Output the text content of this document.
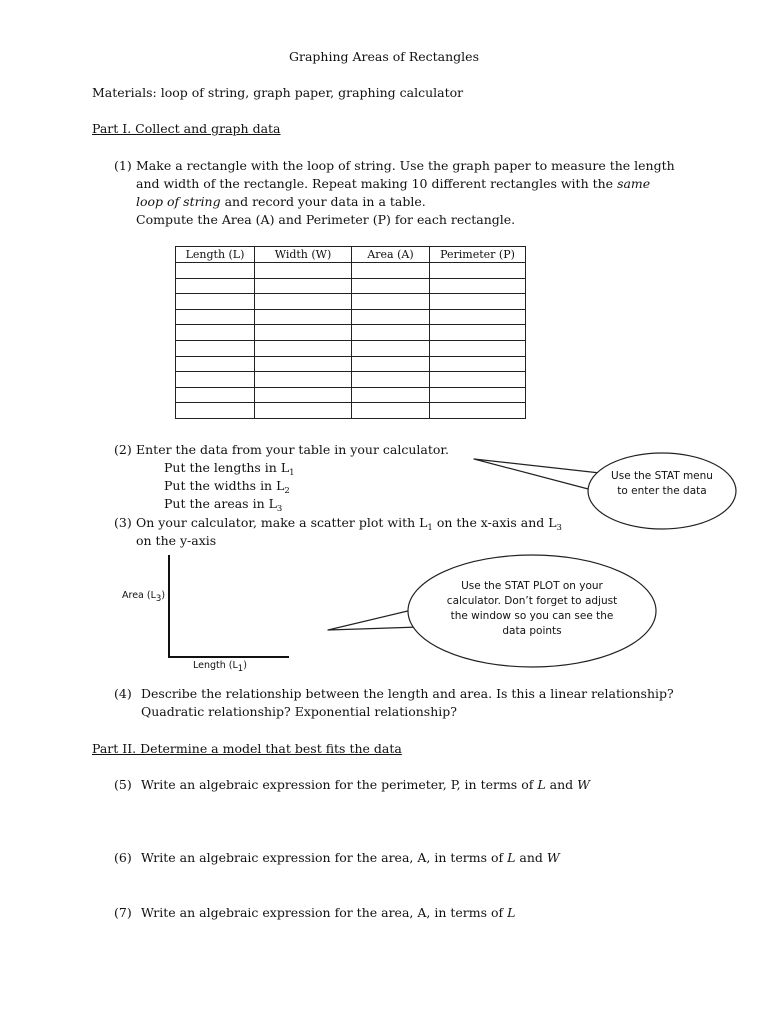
Graphing Areas of Rectangles
Materials: loop of string, graph paper, graphing calculator
Part I. Collect and graph data
(1) Make a rectangle with the loop of string. Use the graph paper to measure the length
and width of the rectangle. Repeat making 10 different rectangles with the same
loop of string and record your data in a table.
Compute the Area (A) and Perimeter (P) for each rectangle.
Length (L)	Width (W)	Area (A)	Perimeter (P)

(2) Enter the data from your table in your calculator.
Put the lengths in $L_1$
Put the widths in $L_2$
Put the areas in $L_3$
(3) On your calculator, make a scatter plot with $L_1$ on the x-axis and $L_3$
on the y-axis
Use the STAT menu to enter the data
Use the STAT PLOT on your calculator. Don’t forget to adjust the window so you can see the data points
Area $(L_3)$
Length $(L_1)$
(4) Describe the relationship between the length and area. Is this a linear relationship?
Quadratic relationship? Exponential relationship?
Part II. Determine a model that best fits the data
(5) Write an algebraic expression for the perimeter, P, in terms of L and W
(6) Write an algebraic expression for the area, A, in terms of L and W
(7) Write an algebraic expression for the area, A, in terms of L
